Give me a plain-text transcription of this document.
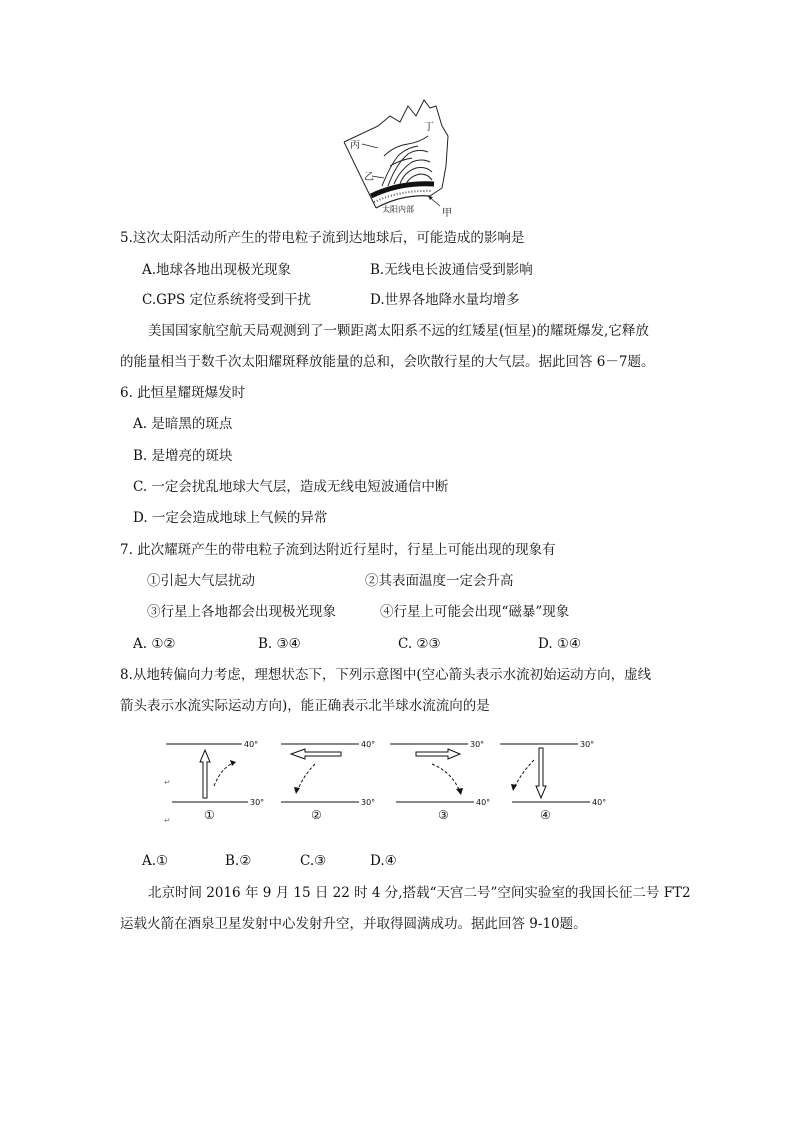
丁
丙
乙
甲
太阳内部
5.这次太阳活动所产生的带电粒子流到达地球后，可能造成的影响是
A.地球各地出现极光现象	B.无线电长波通信受到影响
C.GPS 定位系统将受到干扰	D.世界各地降水量均增多
美国国家航空航天局观测到了一颗距离太阳系不远的红矮星(恒星)的耀斑爆发,它释放
的能量相当于数千次太阳耀斑释放能量的总和，会吹散行星的大气层。据此回答 6－7题。
6. 此恒星耀斑爆发时
A. 是暗黑的斑点
B. 是增亮的斑块
C. 一定会扰乱地球大气层，造成无线电短波通信中断
D. 一定会造成地球上气候的异常
7. 此次耀斑产生的带电粒子流到达附近行星时，行星上可能出现的现象有
①引起大气层扰动	②其表面温度一定会升高
③行星上各地都会出现极光现象	④行星上可能会出现“磁暴”现象
A. ①②	B. ③④	C. ②③	D. ①④
8.从地转偏向力考虑，理想状态下，下列示意图中(空心箭头表示水流初始运动方向，虚线
箭头表示水流实际运动方向)，能正确表示北半球水流流向的是
40°
30°
①
↵
↵
40°
30°
②
30°
40°
③
30°
40°
④
A.①	B.②	C.③	D.④
北京时间 2016 年 9 月 15 日 22 时 4 分,搭载“天宫二号”空间实验室的我国长征二号 FT2
运载火箭在酒泉卫星发射中心发射升空，并取得圆满成功。据此回答 9-10题。
